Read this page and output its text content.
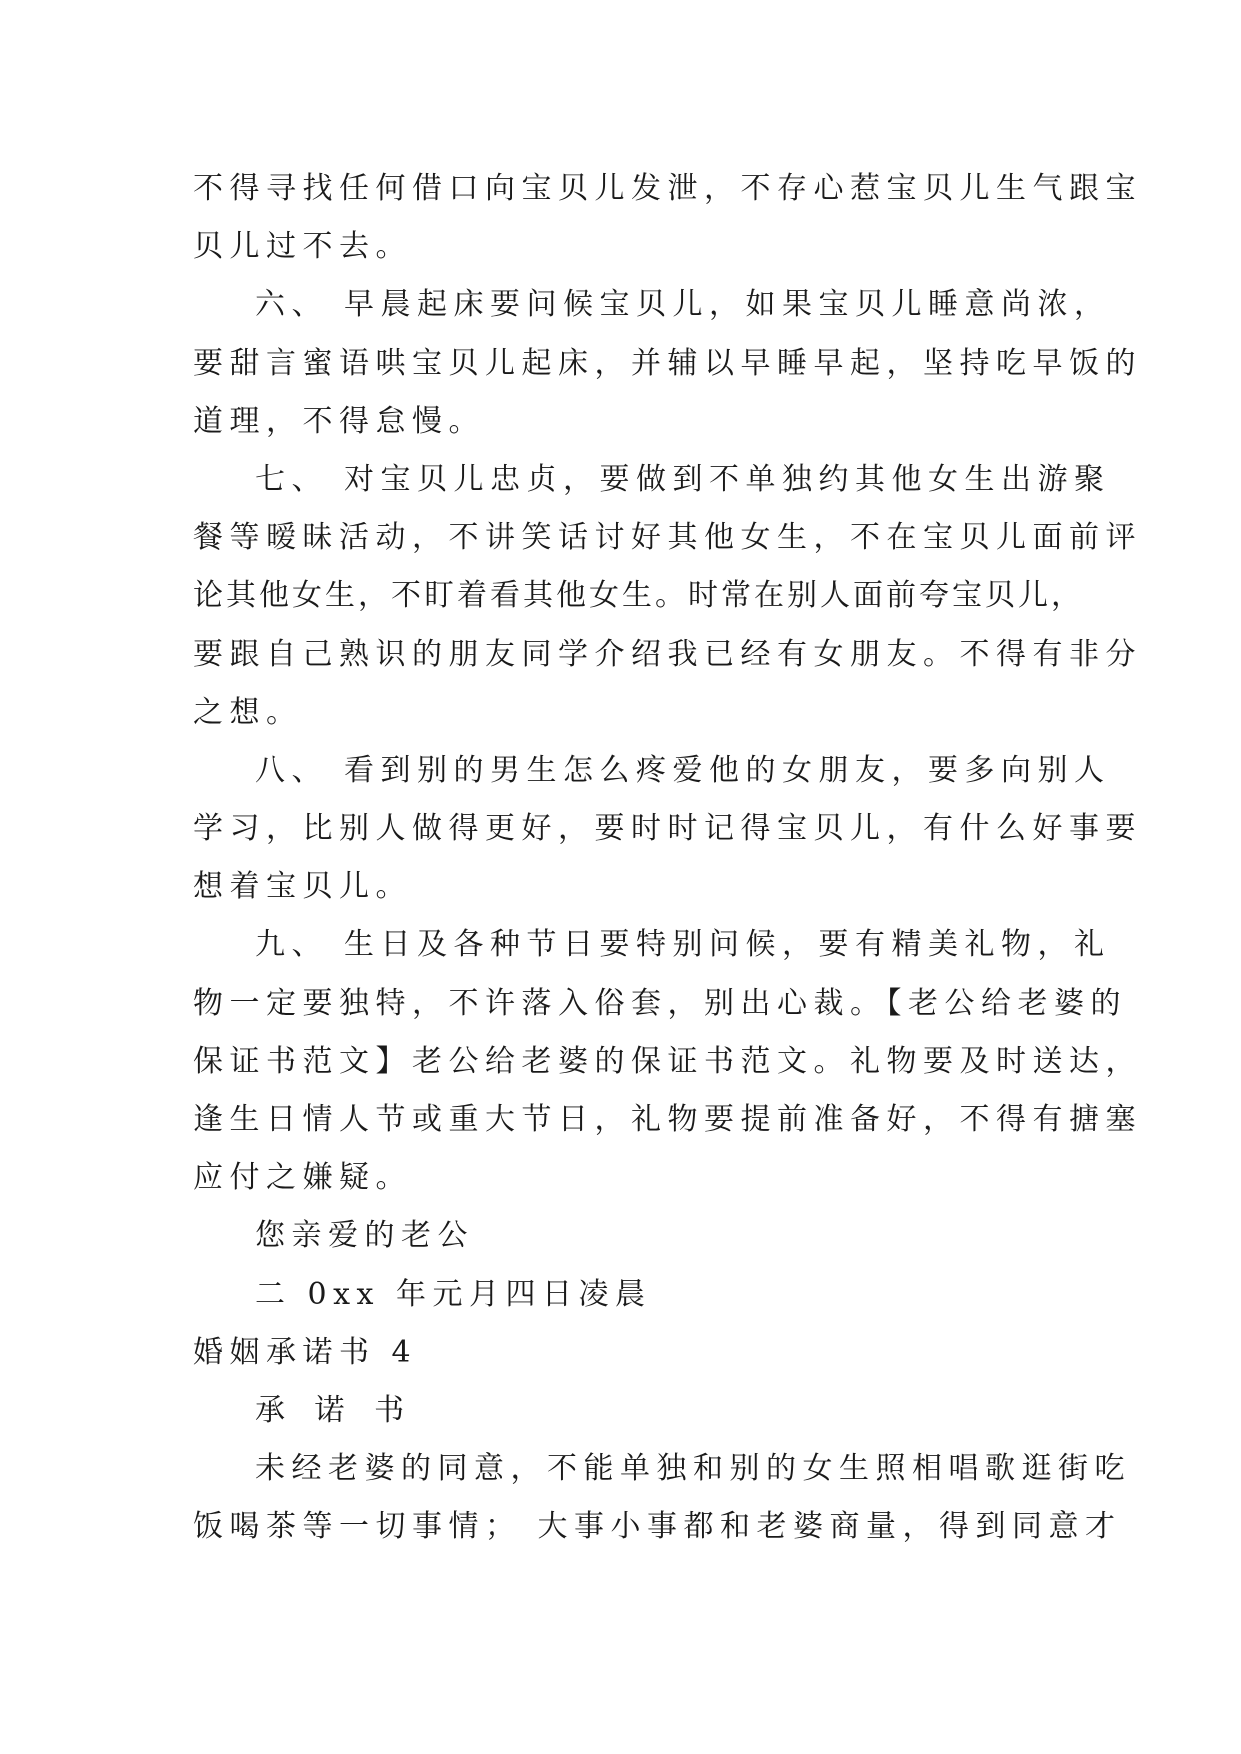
不得寻找任何借口向宝贝儿发泄，不存心惹宝贝儿生气跟宝
贝儿过不去。
六、 早晨起床要问候宝贝儿，如果宝贝儿睡意尚浓，
要甜言蜜语哄宝贝儿起床，并辅以早睡早起，坚持吃早饭的
道理，不得怠慢。
七、 对宝贝儿忠贞，要做到不单独约其他女生出游聚
餐等暧昧活动，不讲笑话讨好其他女生，不在宝贝儿面前评
论其他女生，不盯着看其他女生。时常在别人面前夸宝贝儿，
要跟自己熟识的朋友同学介绍我已经有女朋友。不得有非分
之想。
八、 看到别的男生怎么疼爱他的女朋友，要多向别人
学习，比别人做得更好，要时时记得宝贝儿，有什么好事要
想着宝贝儿。
九、 生日及各种节日要特别问候，要有精美礼物，礼
物一定要独特，不许落入俗套，别出心裁。【老公给老婆的
保证书范文】老公给老婆的保证书范文。礼物要及时送达，
逢生日情人节或重大节日，礼物要提前准备好，不得有搪塞
应付之嫌疑。
您亲爱的老公
二 0xx 年元月四日凌晨
婚姻承诺书 4
承 诺 书
未经老婆的同意，不能单独和别的女生照相唱歌逛街吃
饭喝茶等一切事情； 大事小事都和老婆商量，得到同意才
